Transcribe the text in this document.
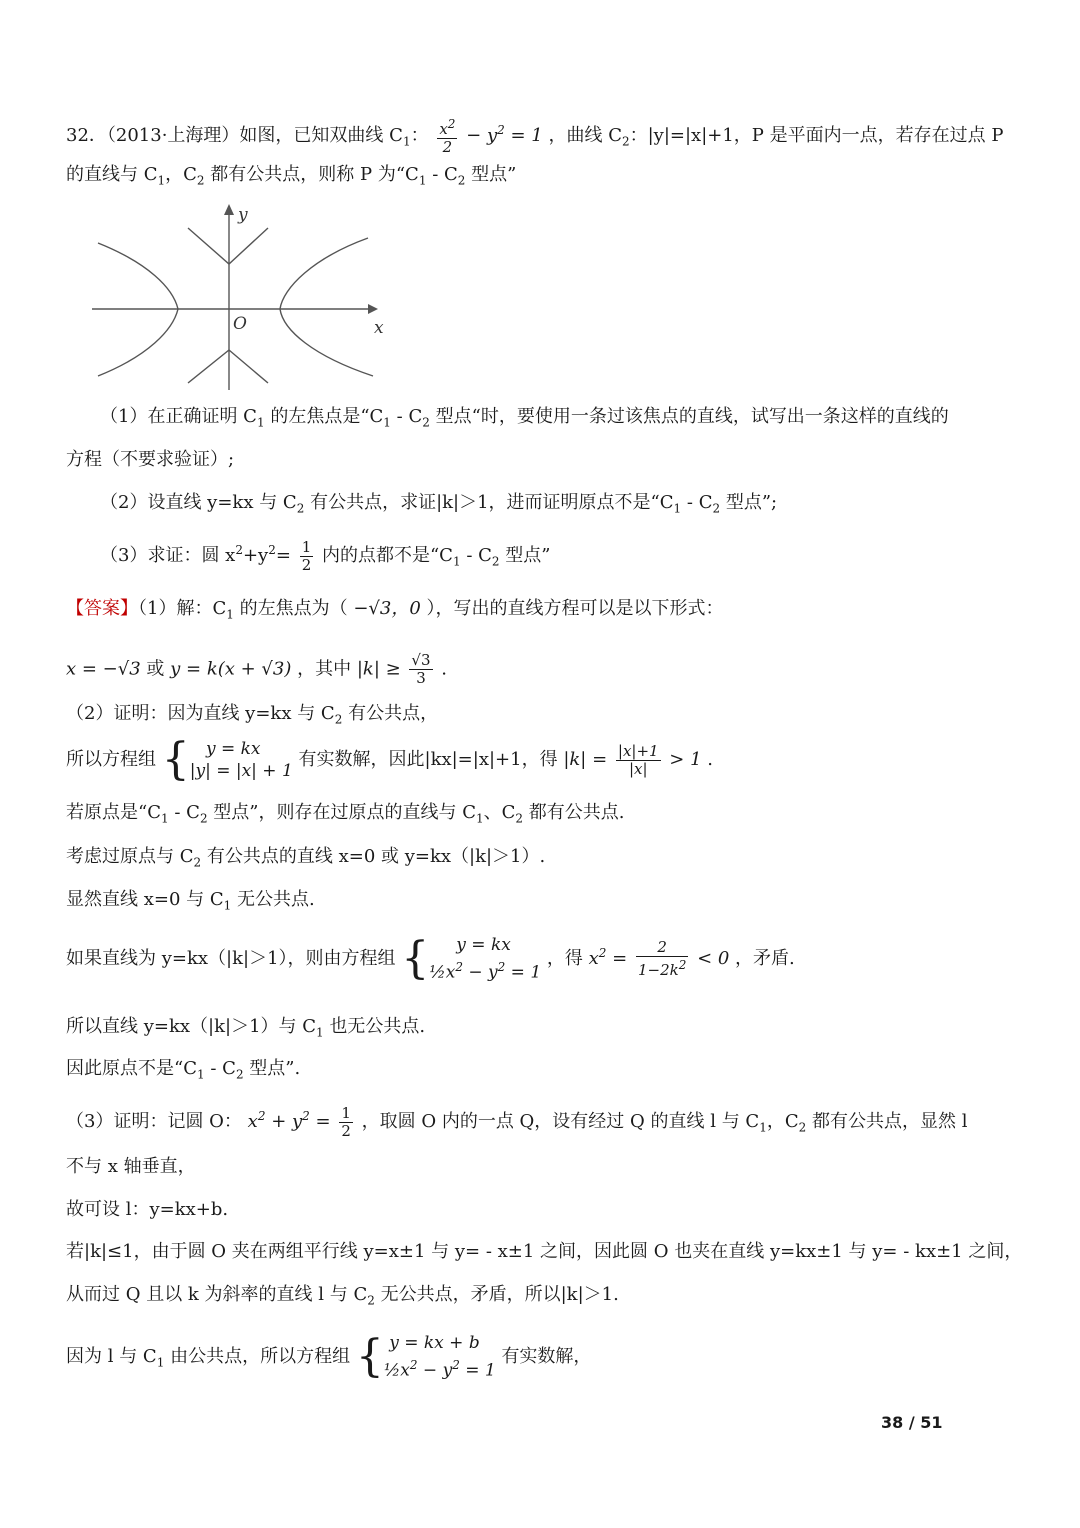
32．（2013·上海理）如图，已知双曲线 $C_1$： $\frac{x^2}{2} - y^2 = 1$ ，曲线 $C_2$：|y|=|x|+1，P 是平面内一点，若存在过点 P
的直线与 $C_1$，$C_2$ 都有公共点，则称 P 为“$C_1 - C_2$ 型点”
y
x
O
（1）在正确证明 $C_1$ 的左焦点是“$C_1 - C_2$ 型点“时，要使用一条过该焦点的直线，试写出一条这样的直线的
方程（不要求验证）;
（2）设直线 y=kx 与 $C_2$ 有公共点，求证|k|＞1，进而证明原点不是“$C_1 - C_2$ 型点”;
（3）求证：圆 $x^2+y^2= \frac{1}{2}$ 内的点都不是“$C_1 - C_2$ 型点”
【答案】（1）解：$C_1$ 的左焦点为（ −√3，0 ），写出的直线方程可以是以下形式：
x = −√3 或 y = k(x + √3) ，其中 $|k| \ge \frac{√3}{3}$ .
（2）证明：因为直线 y=kx 与 $C_2$ 有公共点，
所以方程组 {   y = kx
|y| = |x| + 1 有实数解，因此|kx|=|x|+1，得 $|k| = \frac{|x|+1}{|x|} > 1$ .
若原点是“$C_1 - C_2$ 型点”，则存在过原点的直线与 $C_1$、$C_2$ 都有公共点.
考虑过原点与 $C_2$ 有公共点的直线 x=0 或 y=kx（|k|＞1）.
显然直线 x=0 与 $C_1$ 无公共点.
如果直线为 y=kx（|k|＞1），则由方程组 {     y = kx
$\frac{1}{2}x^2 - y^2 = 1$ ，得 $x^2 = \frac{2}{1-2k^2} < 0$ ，矛盾.
所以直线 y=kx（|k|＞1）与 $C_1$ 也无公共点.
因此原点不是“$C_1 - C_2$ 型点”.
（3）证明：记圆 O： $x^2 + y^2 = \frac{1}{2}$ ，取圆 O 内的一点 Q，设有经过 Q 的直线 l 与 $C_1$，$C_2$ 都有公共点，显然 l
不与 x 轴垂直，
故可设 l：y=kx+b.
若|k|≤1，由于圆 O 夹在两组平行线 y=x±1 与 y= - x±1 之间，因此圆 O 也夹在直线 y=kx±1 与 y= - kx±1 之间，
从而过 Q 且以 k 为斜率的直线 l 与 $C_2$ 无公共点，矛盾，所以|k|＞1.
因为 l 与 $C_1$ 由公共点，所以方程组 { y = kx + b
$\frac{1}{2}x^2 - y^2 = 1$ 有实数解，
38 / 51
